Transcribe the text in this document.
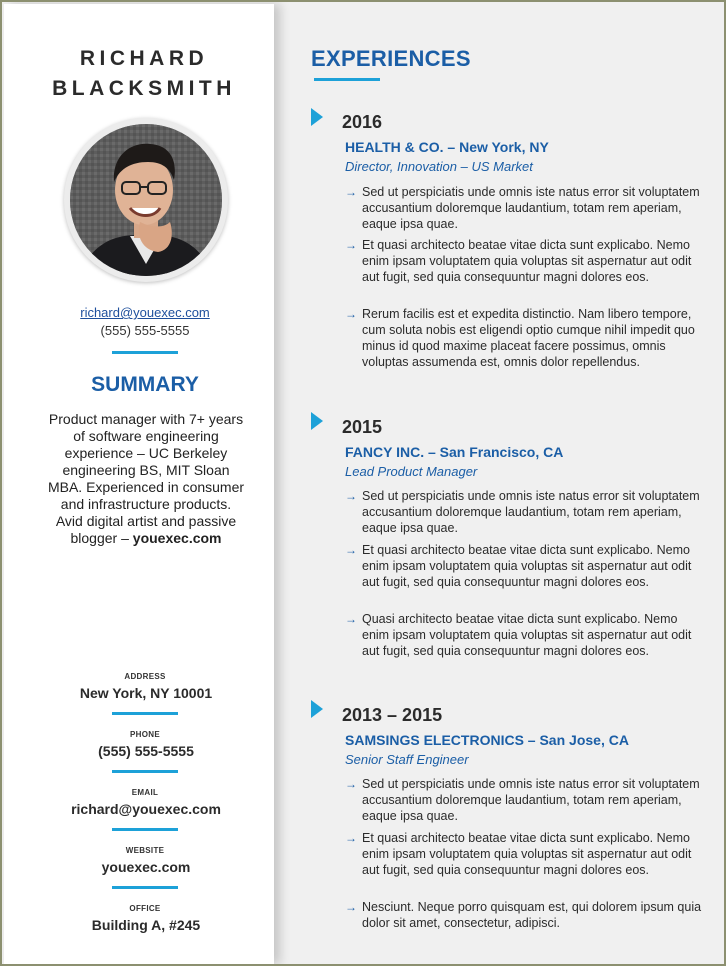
RICHARD
BLACKSMITH
richard@youexec.com
(555) 555-5555
SUMMARY
Product manager with 7+ years of software engineering experience – UC Berkeley engineering BS, MIT Sloan MBA. Experienced in consumer and infrastructure products. Avid digital artist and passive blogger – youexec.com
ADDRESS
New York, NY 10001
PHONE
(555) 555-5555
EMAIL
richard@youexec.com
WEBSITE
youexec.com
OFFICE
Building A, #245
EXPERIENCES
2016
HEALTH & CO. – New York, NY
Director, Innovation – US Market
→ Sed ut perspiciatis unde omnis iste natus error sit voluptatem accusantium doloremque laudantium, totam rem aperiam, eaque ipsa quae.
→ Et quasi architecto beatae vitae dicta sunt explicabo. Nemo enim ipsam voluptatem quia voluptas sit aspernatur aut odit aut fugit, sed quia consequuntur magni dolores eos.
→ Rerum facilis est et expedita distinctio. Nam libero tempore, cum soluta nobis est eligendi optio cumque nihil impedit quo minus id quod maxime placeat facere possimus, omnis voluptas assumenda est, omnis dolor repellendus.
2015
FANCY INC. – San Francisco, CA
Lead Product Manager
→ Sed ut perspiciatis unde omnis iste natus error sit voluptatem accusantium doloremque laudantium, totam rem aperiam, eaque ipsa quae.
→ Et quasi architecto beatae vitae dicta sunt explicabo. Nemo enim ipsam voluptatem quia voluptas sit aspernatur aut odit aut fugit, sed quia consequuntur magni dolores eos.
→ Quasi architecto beatae vitae dicta sunt explicabo. Nemo enim ipsam voluptatem quia voluptas sit aspernatur aut odit aut fugit, sed quia consequuntur magni dolores eos.
2013 – 2015
SAMSINGS ELECTRONICS – San Jose, CA
Senior Staff Engineer
→ Sed ut perspiciatis unde omnis iste natus error sit voluptatem accusantium doloremque laudantium, totam rem aperiam, eaque ipsa quae.
→ Et quasi architecto beatae vitae dicta sunt explicabo. Nemo enim ipsam voluptatem quia voluptas sit aspernatur aut odit aut fugit, sed quia consequuntur magni dolores eos.
→ Nesciunt. Neque porro quisquam est, qui dolorem ipsum quia dolor sit amet, consectetur, adipisci.
